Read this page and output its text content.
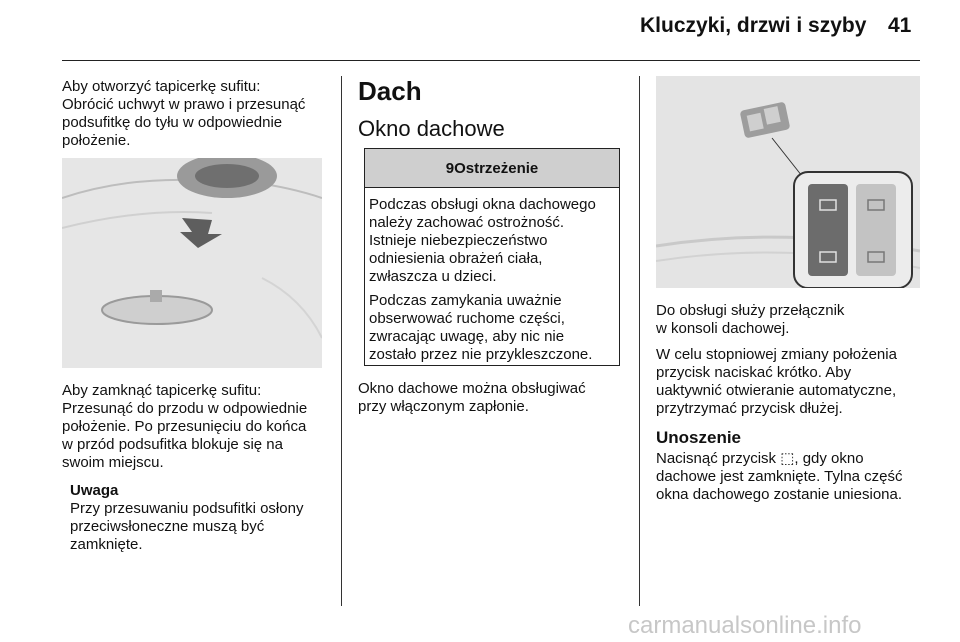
Kluczyki, drzwi i szyby 41

Aby otworzyć tapicerkę sufitu:

Obrócić uchwyt w prawo i przesunąć

podsufitkę do tyłu w odpowiednie

położenie.

Aby zamknąć tapicerkę sufitu:

Przesunąć do przodu w odpowiednie

położenie. Po przesunięciu do końca

w przód podsufitka blokuje się na

swoim miejscu.

Uwaga

Przy przesuwaniu podsufitki osłony

przeciwsłoneczne muszą być

zamknięte.

Dach
Okno dachowe
9 Ostrzeżenie

Podczas obsługi okna dachowego

należy zachować ostrożność.

Istnieje niebezpieczeństwo

odniesienia obrażeń ciała,

zwłaszcza u dzieci.

Podczas zamykania uważnie

obserwować ruchome części,

zwracając uwagę, aby nic nie

zostało przez nie przykleszczone.

Okno dachowe można obsługiwać

przy włączonym zapłonie.

Do obsługi służy przełącznik

w konsoli dachowej.

W celu stopniowej zmiany położenia

przycisk naciskać krótko. Aby

uaktywnić otwieranie automatyczne,

przytrzymać przycisk dłużej.

Unoszenie

Nacisnąć przycisk ⬚, gdy okno

dachowe jest zamknięte. Tylna część

okna dachowego zostanie uniesiona.

carmanualsonline.info
